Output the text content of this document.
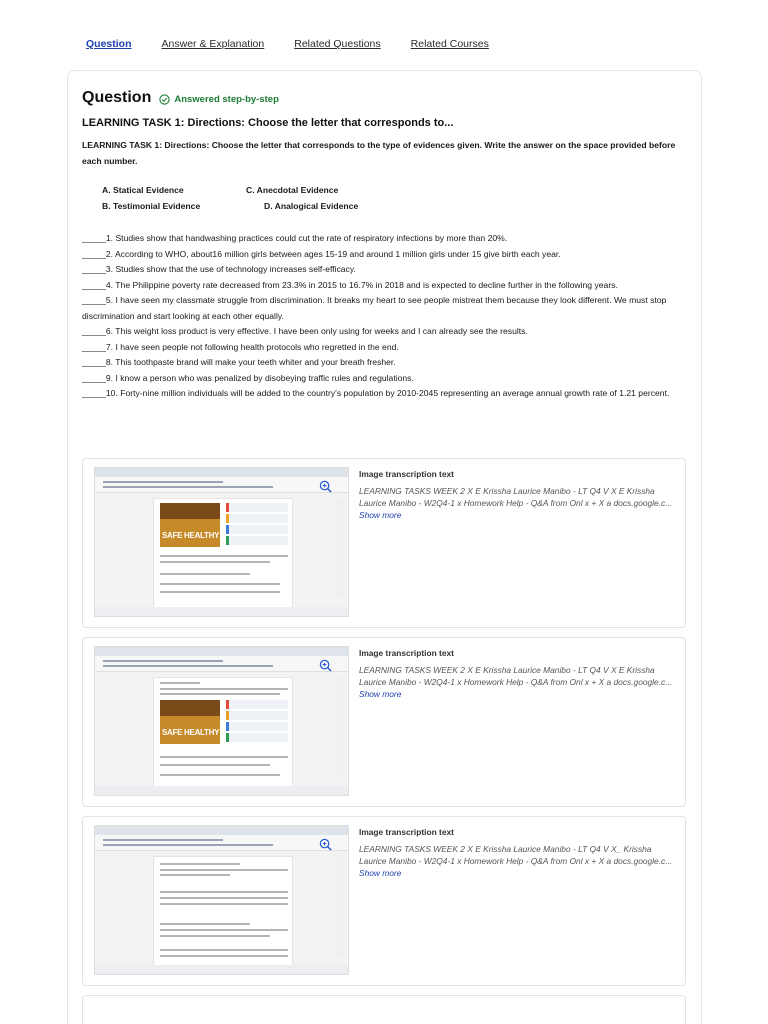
Question	Answer & Explanation	Related Questions	Related Courses
Question Answered step-by-step
LEARNING TASK 1: Directions: Choose the letter that corresponds to...

LEARNING TASK 1: Directions: Choose the letter that corresponds to the type of evidences given. Write the answer on the space provided before each number.

A. Statical Evidence	C. Anecdotal Evidence
B. Testimonial Evidence	D. Analogical Evidence
_____1. Studies show that handwashing practices could cut the rate of respiratory infections by more than 20%.
_____2. According to WHO, about16 million girls between ages 15-19 and around 1 million girls under 15 give birth each year.
_____3. Studies show that the use of technology increases self-efficacy.
_____4. The Philippine poverty rate decreased from 23.3% in 2015 to 16.7% in 2018 and is expected to decline further in the following years.
_____5. I have seen my classmate struggle from discrimination. It breaks my heart to see people mistreat them because they look different. We must stop discrimination and start looking at each other equally.
_____6. This weight loss product is very effective. I have been only using for weeks and I can already see the results.
_____7. I have seen people not following health protocols who regretted in the end.
_____8. This toothpaste brand will make your teeth whiter and your breath fresher.
_____9. I know a person who was penalized by disobeying traffic rules and regulations.
_____10. Forty-nine million individuals will be added to the country's population by 2010-2045 representing an average annual growth rate of 1.21 percent.
SAFE HEALTHY
Image transcription text
LEARNING TASKS WEEK 2 X E Krissha Laurice Manibo - LT Q4 V X E Krissha Laurice Manibo - W2Q4-1 x Homework Help - Q&A from Onl x + X a docs.google.c... Show more
SAFE HEALTHY
Image transcription text
LEARNING TASKS WEEK 2 X E Krissha Laurice Manibo - LT Q4 V X E Krissha Laurice Manibo - W2Q4-1 x Homework Help - Q&A from Onl x + X a docs.google.c... Show more
Image transcription text
LEARNING TASKS WEEK 2 X E Krissha Laurice Manibo - LT Q4 V X_ Krissha Laurice Manibo - W2Q4-1 x Homework Help - Q&A from Onl x + X a docs.google.c... Show more
